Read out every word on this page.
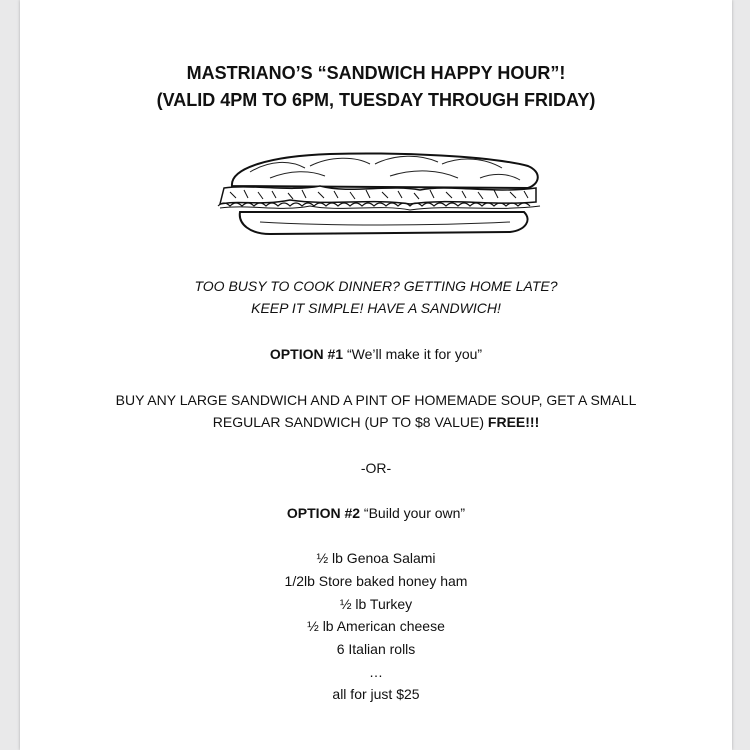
MASTRIANO’S “SANDWICH HAPPY HOUR”!
(VALID 4PM TO 6PM, TUESDAY THROUGH FRIDAY)
TOO BUSY TO COOK DINNER? GETTING HOME LATE?
KEEP IT SIMPLE! HAVE A SANDWICH!
OPTION #1 “We’ll make it for you”
BUY ANY LARGE SANDWICH AND A PINT OF HOMEMADE SOUP, GET A SMALL
REGULAR SANDWICH (UP TO $8 VALUE) FREE!!!
-OR-
OPTION #2 “Build your own”
½ lb Genoa Salami
1/2lb Store baked honey ham
½ lb Turkey
½ lb American cheese
6 Italian rolls
…
all for just $25
